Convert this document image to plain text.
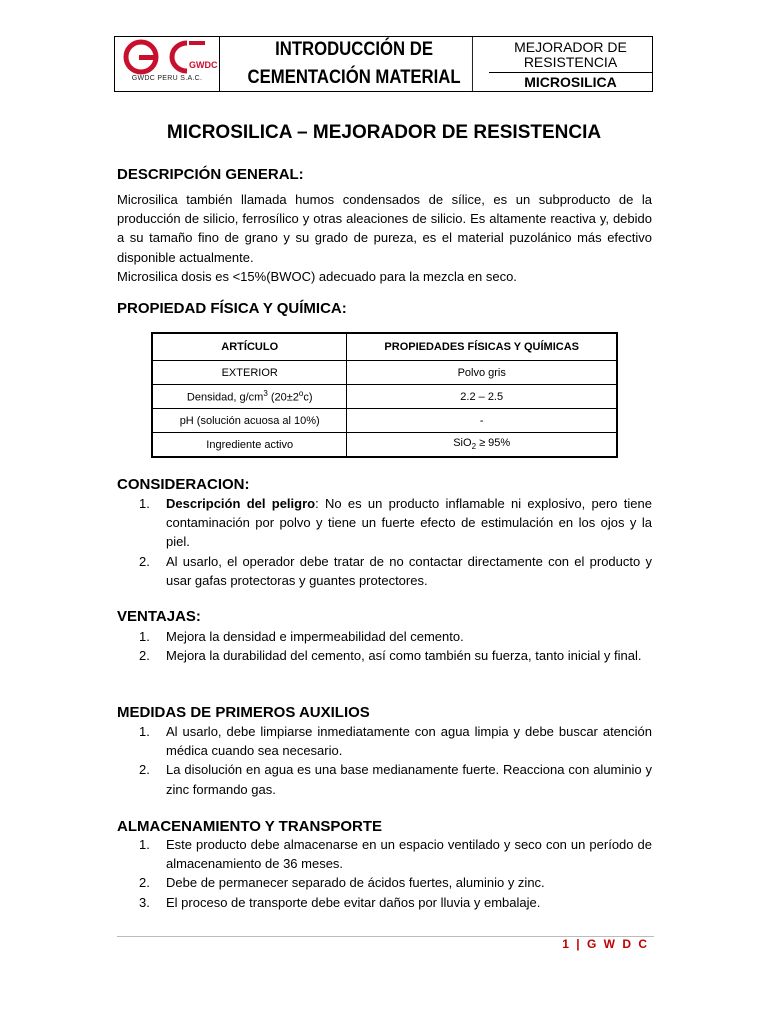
GWDC
GWDC PERU S.A.C.
INTRODUCCIÓN DE
CEMENTACIÓN MATERIAL
MEJORADOR DE
RESISTENCIA
MICROSILICA
MICROSILICA – MEJORADOR DE RESISTENCIA
DESCRIPCIÓN GENERAL:
Microsilica también llamada humos condensados de sílice, es un subproducto de la producción de silicio, ferrosílico y otras aleaciones de silicio. Es altamente reactiva y, debido a su tamaño fino de grano y su grado de pureza, es el material puzolánico más efectivo disponible actualmente.
Microsilica dosis es <15%(BWOC) adecuado para la mezcla en seco.
PROPIEDAD FÍSICA Y QUÍMICA:
ARTÍCULO	PROPIEDADES FÍSICAS Y QUÍMICAS
EXTERIOR	Polvo gris
Densidad, $g/cm^3$ $(20\pm 2^oc)$	2.2 – 2.5
pH (solución acuosa al 10%)	-
Ingrediente activo	SiO$_2$ ≥ 95%
CONSIDERACION:
1. Descripción del peligro: No es un producto inflamable ni explosivo, pero tiene contaminación por polvo y tiene un fuerte efecto de estimulación en los ojos y la piel.
2. Al usarlo, el operador debe tratar de no contactar directamente con el producto y usar gafas protectoras y guantes protectores.
VENTAJAS:
1. Mejora la densidad e impermeabilidad del cemento.
2. Mejora la durabilidad del cemento, así como también su fuerza, tanto inicial y final.
MEDIDAS DE PRIMEROS AUXILIOS
1. Al usarlo, debe limpiarse inmediatamente con agua limpia y debe buscar atención médica cuando sea necesario.
2. La disolución en agua es una base medianamente fuerte. Reacciona con aluminio y zinc formando gas.
ALMACENAMIENTO Y TRANSPORTE
1. Este producto debe almacenarse en un espacio ventilado y seco con un período de almacenamiento de 36 meses.
2. Debe de permanecer separado de ácidos fuertes, aluminio y zinc.
3. El proceso de transporte debe evitar daños por lluvia y embalaje.
1 | G W D C
